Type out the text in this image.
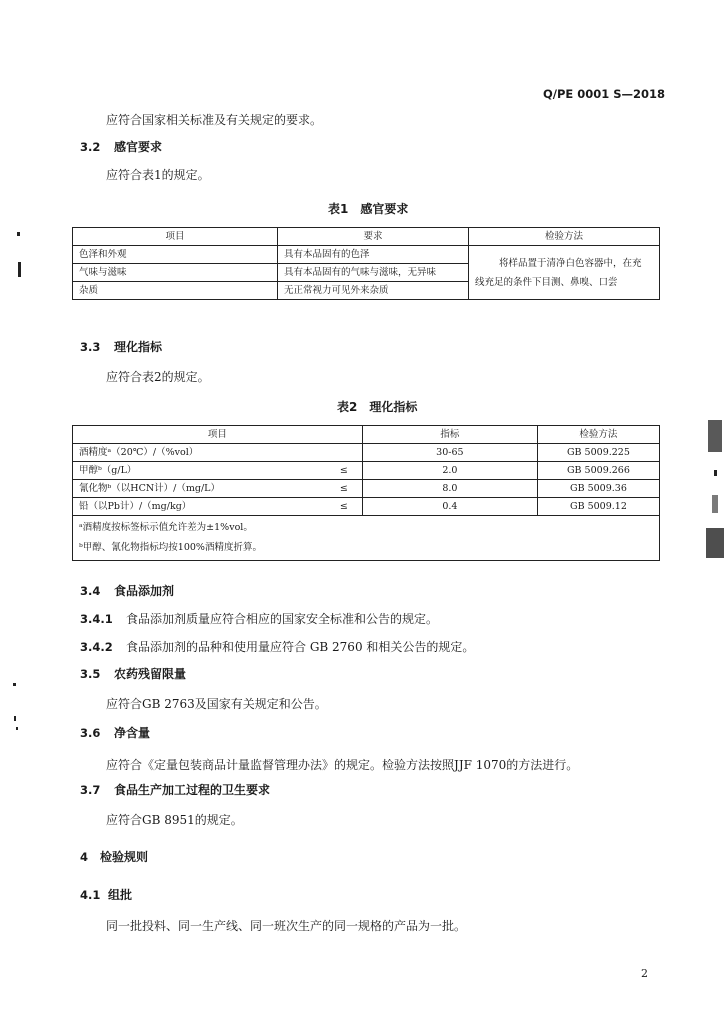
Q/PE 0001 S—2018
应符合国家相关标准及有关规定的要求。
3.2 感官要求
应符合表1的规定。
表1　感官要求
项目	要求	检验方法
色泽和外观	具有本品固有的色泽	将样品置于清净白色容器中，在充
线充足的条件下目测、鼻嗅、口尝

气味与滋味	具有本品固有的气味与滋味，无异味	
杂质	无正常视力可见外来杂质	
3.3 理化指标
应符合表2的规定。
表2　理化指标
项目		指标	检验方法
酒精度ᵃ（20℃）/（%vol）		30-65	GB 5009.225
甲醇ᵇ（g/L）	≤	2.0	GB 5009.266
氰化物ᵇ（以HCN计）/（mg/L）	≤	8.0	GB 5009.36
铅（以Pb计）/（mg/kg）	≤	0.4	GB 5009.12

ᵃ酒精度按标签标示值允许差为±1%vol。
ᵇ甲醇、氰化物指标均按100%酒精度折算。			
3.4 食品添加剂
3.4.1 食品添加剂质量应符合相应的国家安全标准和公告的规定。
3.4.2 食品添加剂的品种和使用量应符合 GB 2760 和相关公告的规定。
3.5 农药残留限量
应符合GB 2763及国家有关规定和公告。
3.6 净含量
应符合《定量包装商品计量监督管理办法》的规定。检验方法按照JJF 1070的方法进行。
3.7 食品生产加工过程的卫生要求
应符合GB 8951的规定。
4 检验规则
4.1 组批
同一批投料、同一生产线、同一班次生产的同一规格的产品为一批。
2
